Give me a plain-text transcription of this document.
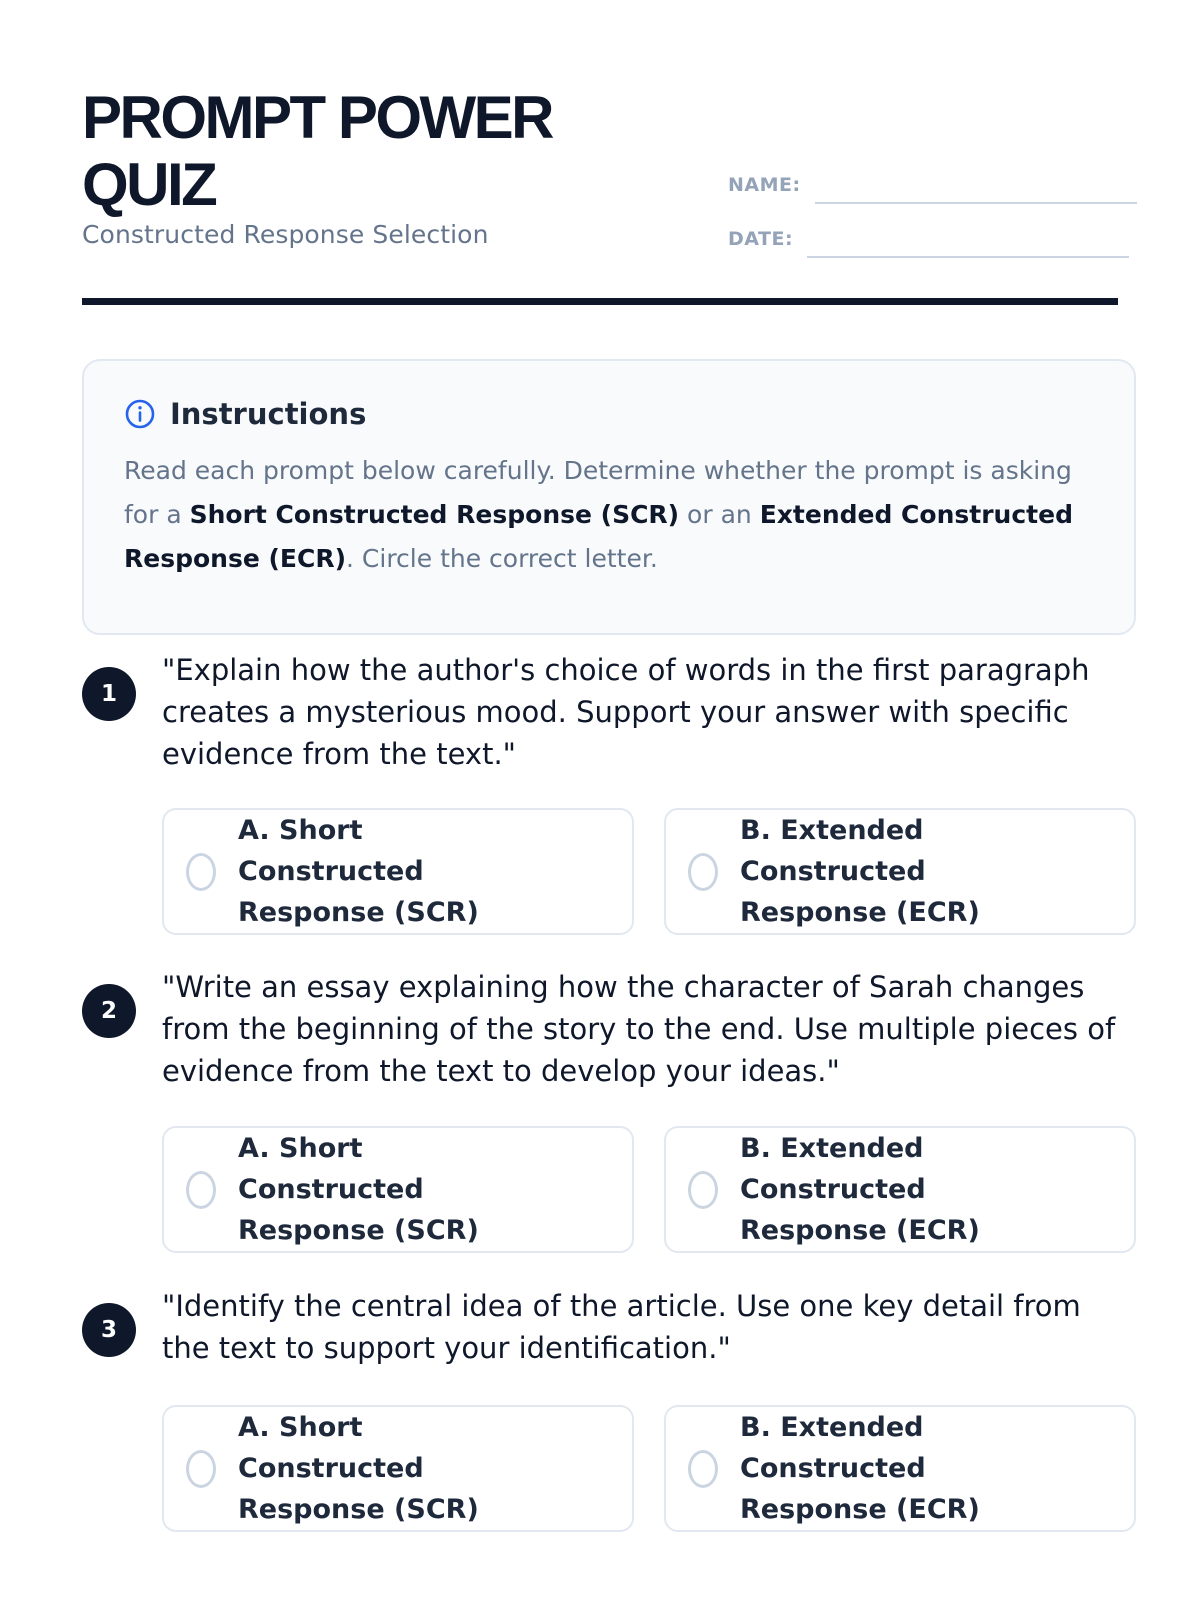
PROMPT POWER QUIZ
Constructed Response Selection
NAME:
DATE:
Instructions
Read each prompt below carefully. Determine whether the prompt is asking for a Short Constructed Response (SCR) or an Extended Constructed Response (ECR). Circle the correct letter.
1
"Explain how the author's choice of words in the first paragraph creates a mysterious mood. Support your answer with specific evidence from the text."
A. Short Constructed Response (SCR)
B. Extended Constructed Response (ECR)
2
"Write an essay explaining how the character of Sarah changes from the beginning of the story to the end. Use multiple pieces of evidence from the text to develop your ideas."
A. Short Constructed Response (SCR)
B. Extended Constructed Response (ECR)
3
"Identify the central idea of the article. Use one key detail from the text to support your identification."
A. Short Constructed Response (SCR)
B. Extended Constructed Response (ECR)
